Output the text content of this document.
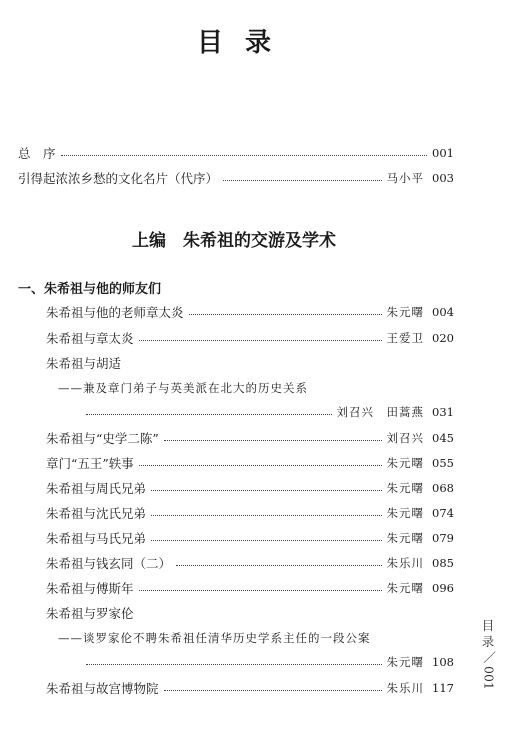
目录
总　序	001
引得起浓浓乡愁的文化名片（代序）	马小平 003
上编　朱希祖的交游及学术
一、朱希祖与他的师友们
朱希祖与他的老师章太炎	朱元曙 004
朱希祖与章太炎	王爱卫 020
朱希祖与胡适
——兼及章门弟子与英美派在北大的历史关系
刘召兴　田蒿燕 031
朱希祖与“史学二陈”	刘召兴 045
章门“五王”轶事	朱元曙 055
朱希祖与周氏兄弟	朱元曙 068
朱希祖与沈氏兄弟	朱元曙 074
朱希祖与马氏兄弟	朱元曙 079
朱希祖与钱玄同（二）	朱乐川 085
朱希祖与傅斯年	朱元曙 096
朱希祖与罗家伦
——谈罗家伦不聘朱希祖任清华历史学系主任的一段公案
朱元曙 108
朱希祖与故宫博物院	朱乐川 117
目录
／
001
